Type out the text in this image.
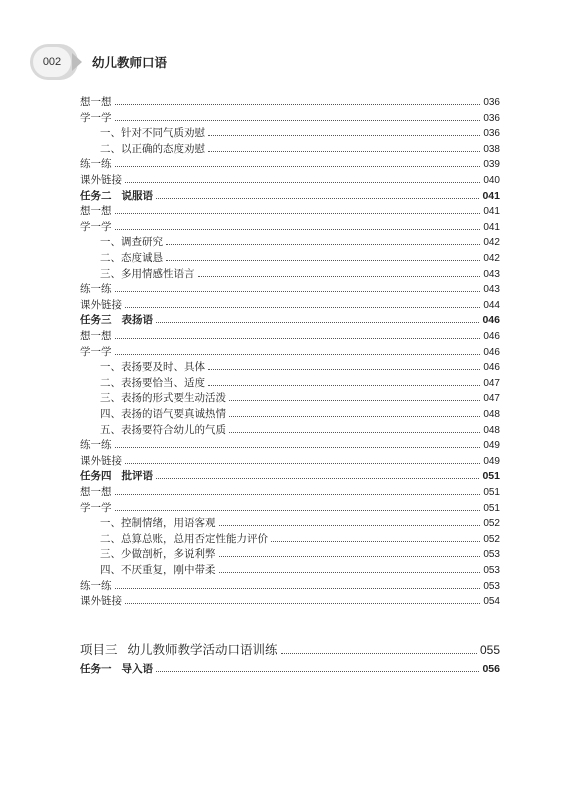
002	幼儿教师口语
想一想	036
学一学	036
一、针对不同气质劝慰	036
二、以正确的态度劝慰	038
练一练	039
课外链接	040
任务二 说服语	041
想一想	041
学一学	041
一、调查研究	042
二、态度诚恳	042
三、多用情感性语言	043
练一练	043
课外链接	044
任务三 表扬语	046
想一想	046
学一学	046
一、表扬要及时、具体	046
二、表扬要恰当、适度	047
三、表扬的形式要生动活泼	047
四、表扬的语气要真诚热情	048
五、表扬要符合幼儿的气质	048
练一练	049
课外链接	049
任务四 批评语	051
想一想	051
学一学	051
一、控制情绪，用语客观	052
二、总算总账，总用否定性能力评价	052
三、少做剖析，多说利弊	053
四、不厌重复，刚中带柔	053
练一练	053
课外链接	054
项目三 幼儿教师教学活动口语训练	055
任务一 导入语	056
